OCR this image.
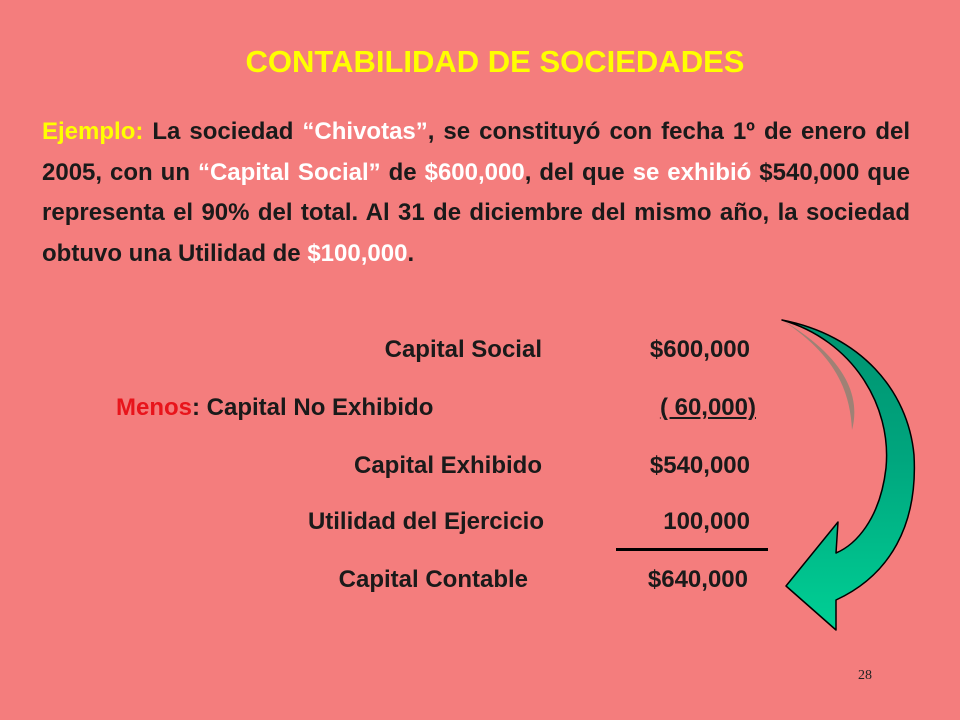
CONTABILIDAD DE SOCIEDADES
Ejemplo: La sociedad “Chivotas”, se constituyó con fecha 1º de enero del 2005, con un “Capital Social” de $600,000, del que se exhibió $540,000 que representa el 90% del total. Al 31 de diciembre del mismo año, la sociedad obtuvo una Utilidad de $100,000.
Capital Social	$600,000
Menos: Capital No Exhibido	( 60,000)
Capital Exhibido	$540,000
Utilidad del Ejercicio	100,000
Capital Contable	$640,000
28
